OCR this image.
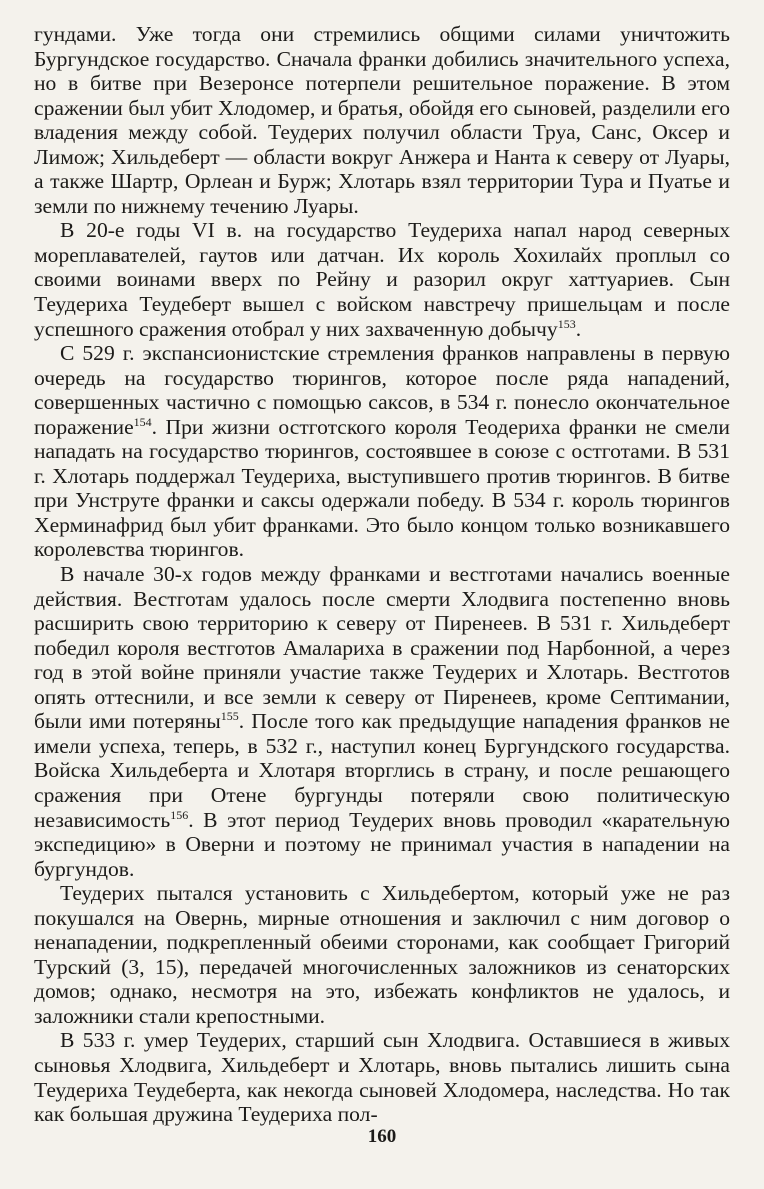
гундами. Уже тогда они стремились общими силами уничтожить Бургундское государство. Сначала франки добились значительного успеха, но в битве при Везеронсе потерпели решительное поражение. В этом сражении был убит Хлодомер, и братья, обойдя его сыновей, разделили его владения между собой. Теудерих получил области Труа, Санс, Оксер и Лимож; Хильдеберт — области вокруг Анжера и Нанта к северу от Луары, а также Шартр, Орлеан и Бурж; Хлотарь взял территории Тура и Пуатье и земли по нижнему течению Луары.

В 20-е годы VI в. на государство Теудериха напал народ северных мореплавателей, гаутов или датчан. Их король Хохилайх проплыл со своими воинами вверх по Рейну и разорил округ хаттуариев. Сын Теудериха Теудеберт вышел с войском навстречу пришельцам и после успешного сражения отобрал у них захваченную добычу$^{153}$.

С 529 г. экспансионистские стремления франков направлены в первую очередь на государство тюрингов, которое после ряда нападений, совершенных частично с помощью саксов, в 534 г. понесло окончательное поражение$^{154}$. При жизни остготского короля Теодериха франки не смели нападать на государство тюрингов, состоявшее в союзе с остготами. В 531 г. Хлотарь поддержал Теудериха, выступившего против тюрингов. В битве при Унструте франки и саксы одержали победу. В 534 г. король тюрингов Херминафрид был убит франками. Это было концом только возникавшего королевства тюрингов.

В начале 30-х годов между франками и вестготами начались военные действия. Вестготам удалось после смерти Хлодвига постепенно вновь расширить свою территорию к северу от Пиренеев. В 531 г. Хильдеберт победил короля вестготов Амалариха в сражении под Нарбонной, а через год в этой войне приняли участие также Теудерих и Хлотарь. Вестготов опять оттеснили, и все земли к северу от Пиренеев, кроме Септимании, были ими потеряны$^{155}$. После того как предыдущие нападения франков не имели успеха, теперь, в 532 г., наступил конец Бургундского государства. Войска Хильдеберта и Хлотаря вторглись в страну, и после решающего сражения при Отене бургунды потеряли свою политическую независимость$^{156}$. В этот период Теудерих вновь проводил «карательную экспедицию» в Оверни и поэтому не принимал участия в нападении на бургундов.

Теудерих пытался установить с Хильдебертом, который уже не раз покушался на Овернь, мирные отношения и заключил с ним договор о ненападении, подкрепленный обеими сторонами, как сообщает Григорий Турский (3, 15), передачей многочисленных заложников из сенаторских домов; однако, несмотря на это, избежать конфликтов не удалось, и заложники стали крепостными.

В 533 г. умер Теудерих, старший сын Хлодвига. Оставшиеся в живых сыновья Хлодвига, Хильдеберт и Хлотарь, вновь пытались лишить сына Теудериха Теудеберта, как некогда сыновей Хлодомера, наследства. Но так как большая дружина Теудериха пол-

160
